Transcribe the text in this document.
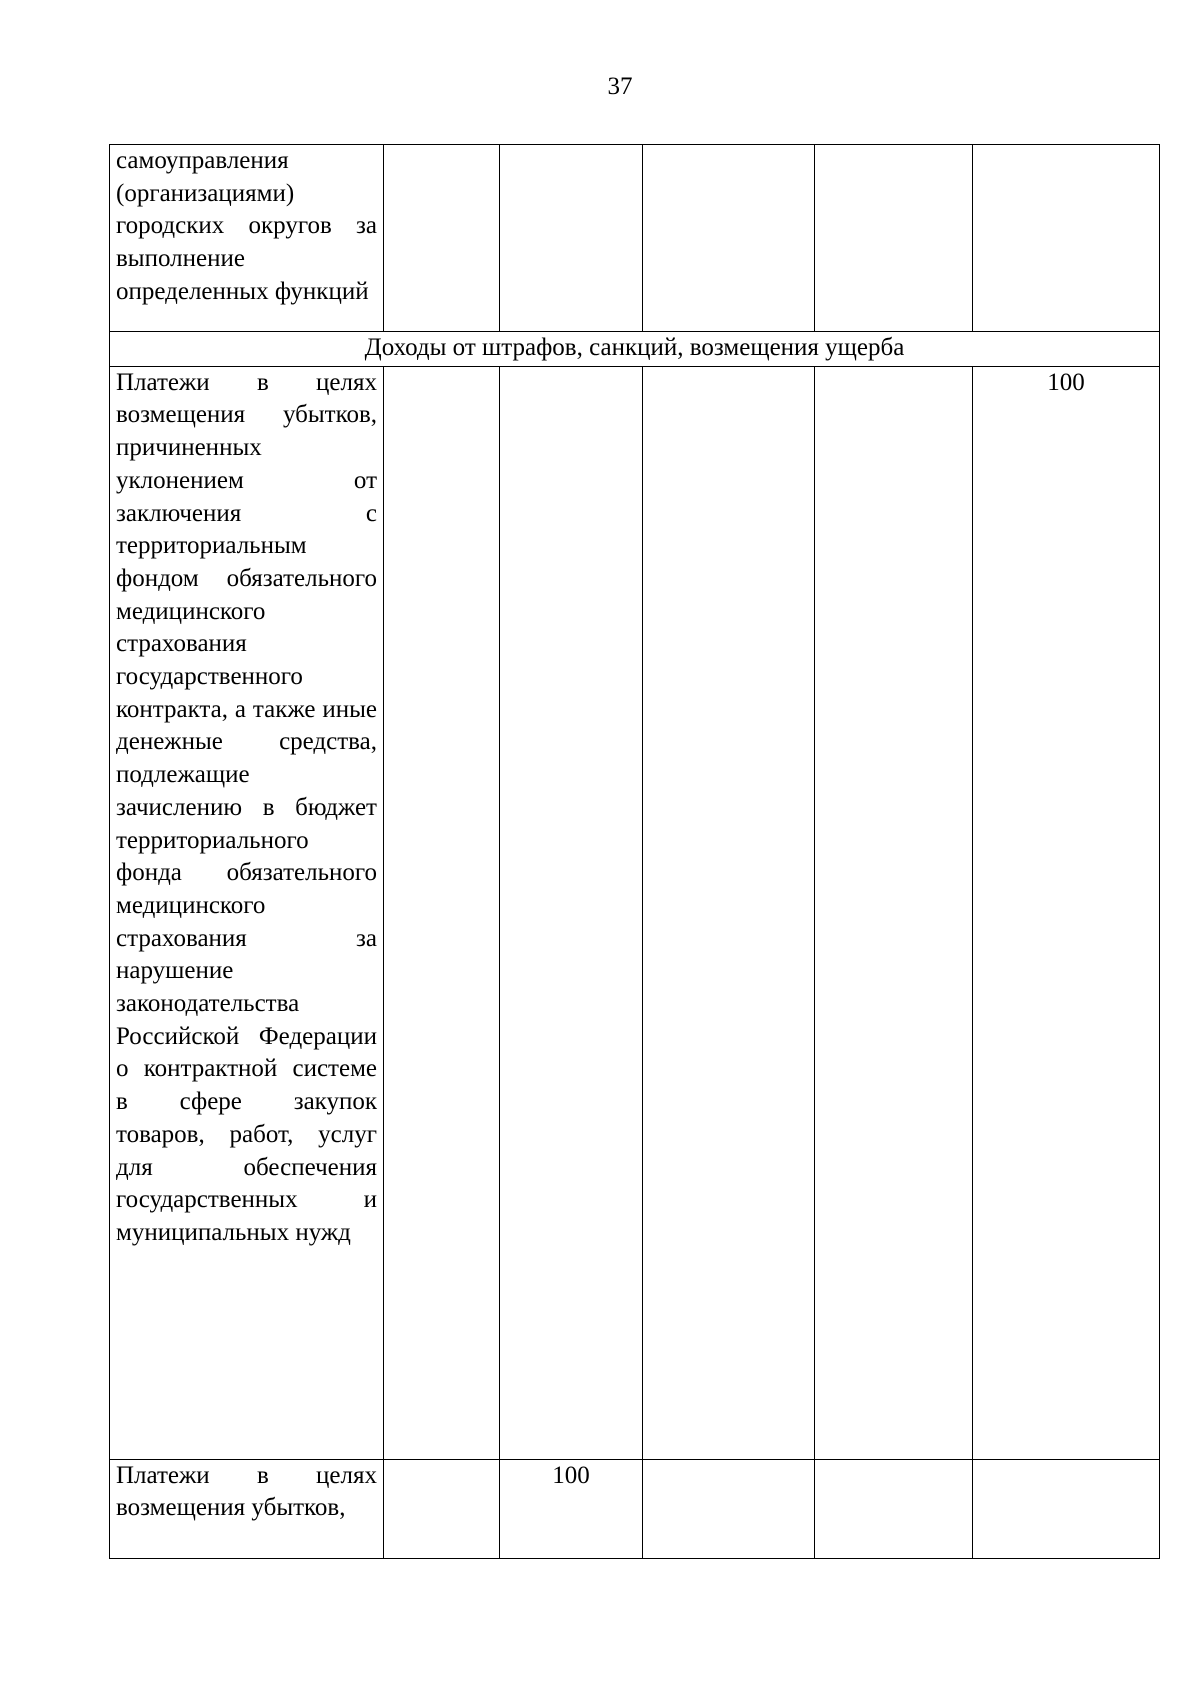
37
самоуправления (организациями) городских округов за выполнение определенных функций					
Доходы от штрафов, санкций, возмещения ущерба					
Платежи в целях возмещения убытков, причиненных уклонением от заключения с территориальным фондом обязательного медицинского страхования государственного контракта, а также иные денежные средства, подлежащие зачислению в бюджет территориального фонда обязательного медицинского страхования за нарушение законодательства Российской Федерации о контрактной системе в сфере закупок товаров, работ, услуг для обеспечения государственных и муниципальных нужд					100
Платежи в целях возмещения убытков,		100			
